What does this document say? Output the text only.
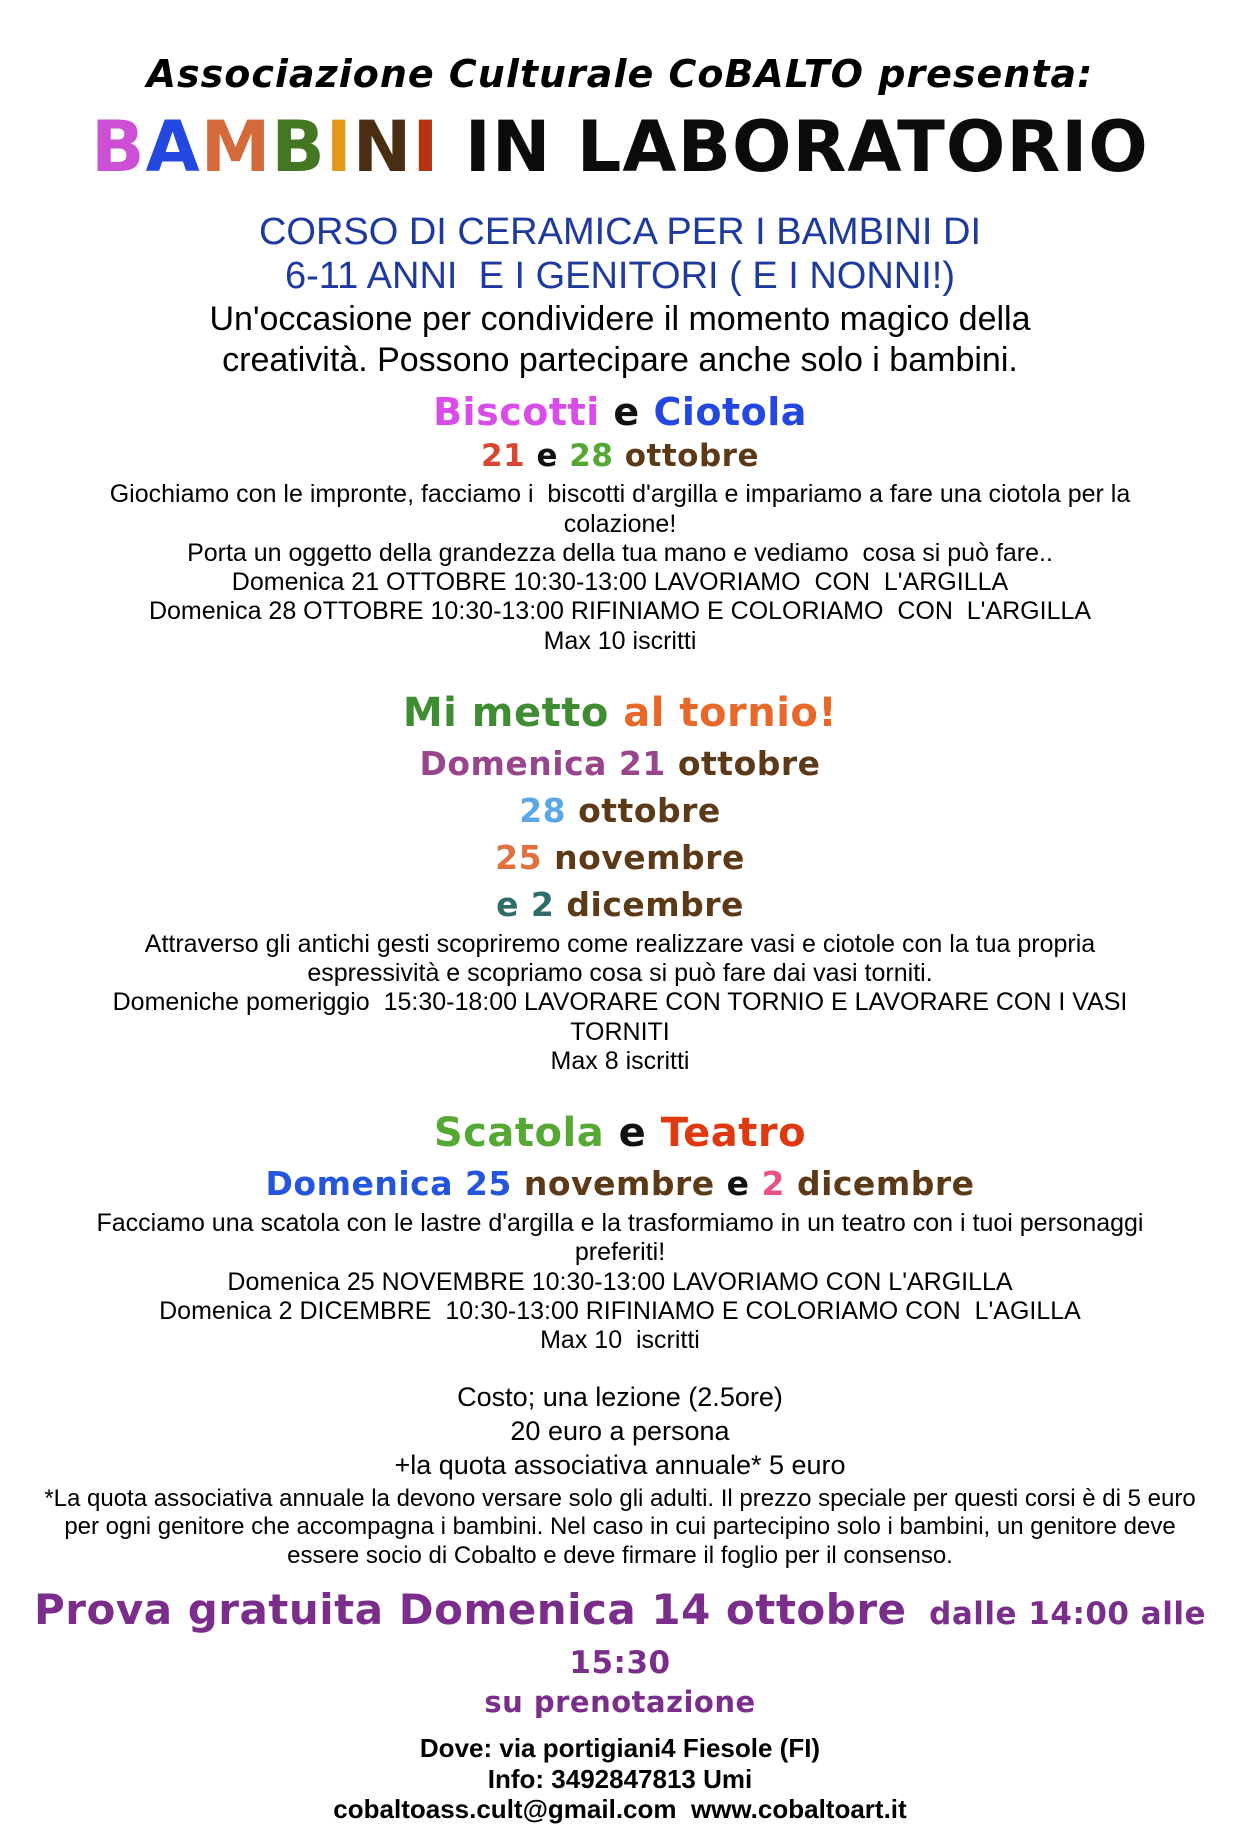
Associazione Culturale CoBALTO presenta:
BAMBINI IN LABORATORIO
CORSO DI CERAMICA PER I BAMBINI DI
6-11 ANNI  E I GENITORI ( E I NONNI!)
Un'occasione per condividere il momento magico della
creatività. Possono partecipare anche solo i bambini.
Biscotti e Ciotola
21 e 28 ottobre
Giochiamo con le impronte, facciamo i  biscotti d'argilla e impariamo a fare una ciotola per la
colazione!
Porta un oggetto della grandezza della tua mano e vediamo  cosa si può fare..
Domenica 21 OTTOBRE 10:30-13:00 LAVORIAMO  CON  L'ARGILLA
Domenica 28 OTTOBRE 10:30-13:00 RIFINIAMO E COLORIAMO  CON  L'ARGILLA
Max 10 iscritti
Mi metto al tornio!
Domenica 21 ottobre
28 ottobre
25 novembre
e 2 dicembre
Attraverso gli antichi gesti scopriremo come realizzare vasi e ciotole con la tua propria
espressività e scopriamo cosa si può fare dai vasi torniti.
Domeniche pomeriggio  15:30-18:00 LAVORARE CON TORNIO E LAVORARE CON I VASI
TORNITI
Max 8 iscritti
Scatola e Teatro
Domenica 25 novembre e 2 dicembre
Facciamo una scatola con le lastre d'argilla e la trasformiamo in un teatro con i tuoi personaggi
preferiti!
Domenica 25 NOVEMBRE 10:30-13:00 LAVORIAMO CON L'ARGILLA
Domenica 2 DICEMBRE  10:30-13:00 RIFINIAMO E COLORIAMO CON  L'AGILLA
Max 10  iscritti
Costo; una lezione (2.5ore)
20 euro a persona
+la quota associativa annuale* 5 euro
*La quota associativa annuale la devono versare solo gli adulti. Il prezzo speciale per questi corsi è di 5 euro
per ogni genitore che accompagna i bambini. Nel caso in cui partecipino solo i bambini, un genitore deve
essere socio di Cobalto e deve firmare il foglio per il consenso.
Prova gratuita Domenica 14 ottobre  dalle 14:00 alle 15:30
su prenotazione
Dove: via portigiani4 Fiesole (FI)
Info: 3492847813 Umi
cobaltoass.cult@gmail.com  www.cobaltoart.it
